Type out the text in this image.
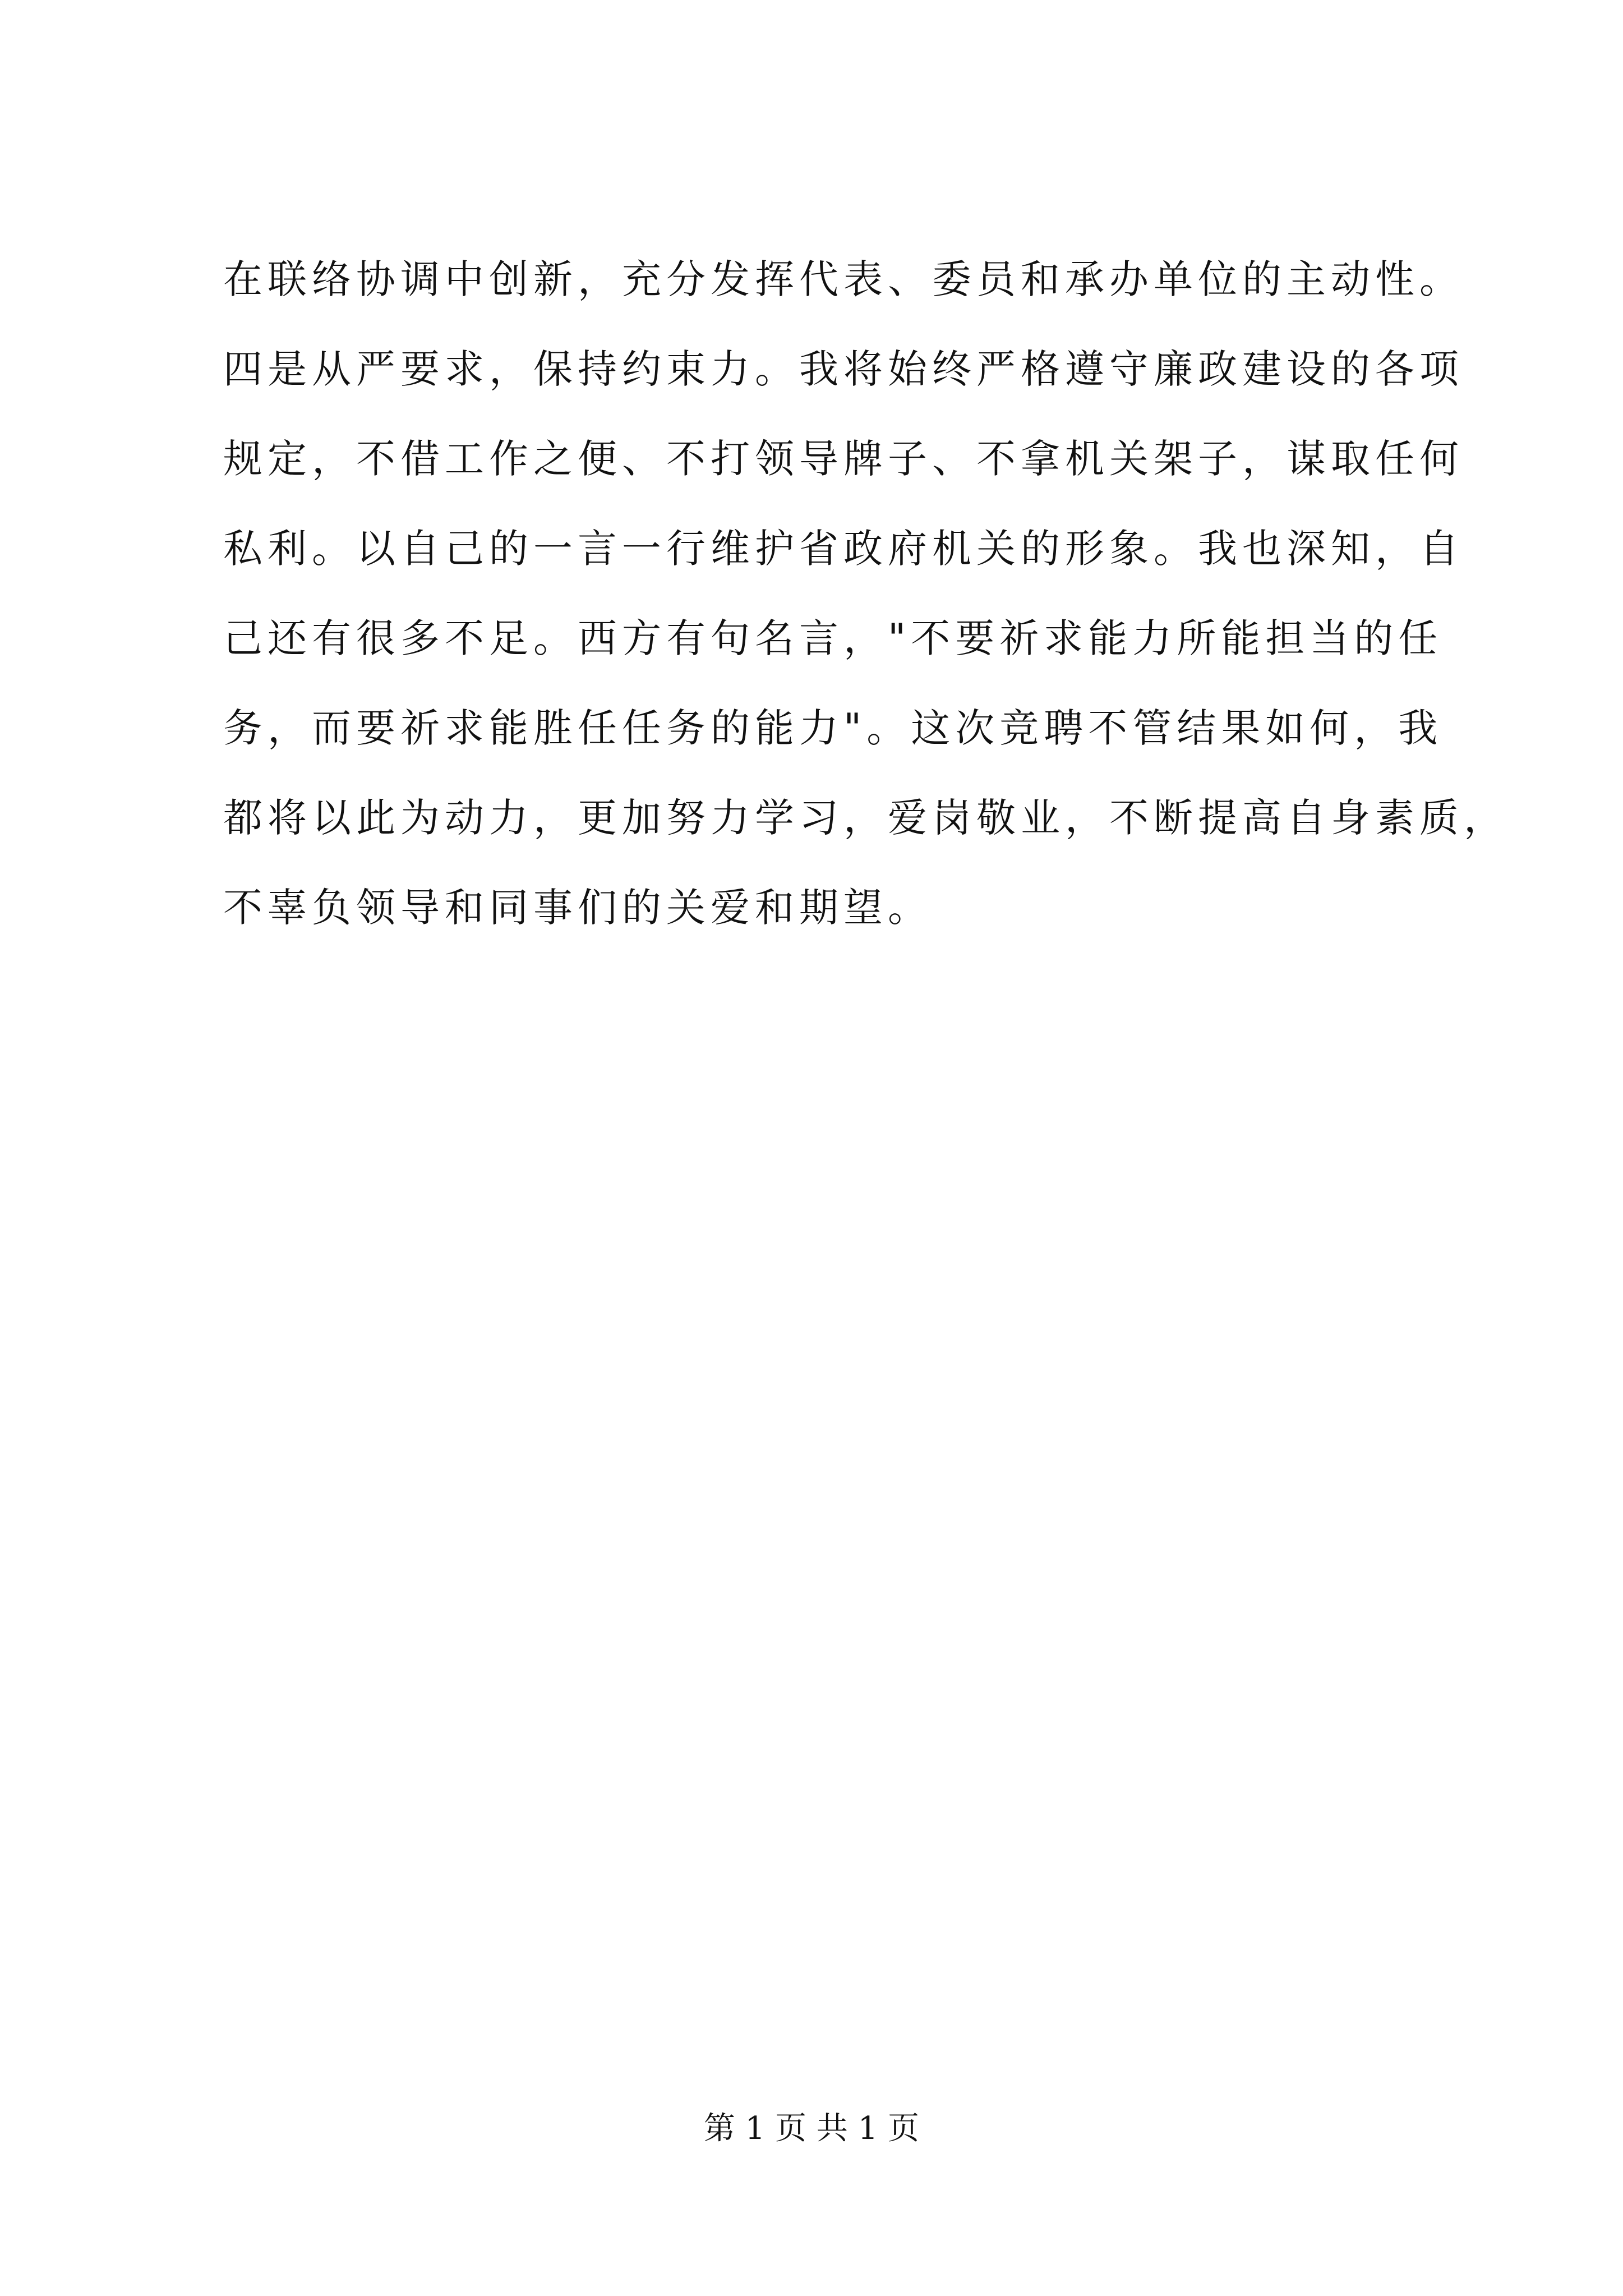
在联络协调中创新，充分发挥代表、委员和承办单位的主动性。
四是从严要求，保持约束力。我将始终严格遵守廉政建设的各项
规定，不借工作之便、不打领导牌子、不拿机关架子，谋取任何
私利。以自己的一言一行维护省政府机关的形象。我也深知，自
己还有很多不足。西方有句名言，"不要祈求能力所能担当的任
务，而要祈求能胜任任务的能力"。这次竞聘不管结果如何，我
都将以此为动力，更加努力学习，爱岗敬业，不断提高自身素质，
不辜负领导和同事们的关爱和期望。
第 1 页 共 1 页
